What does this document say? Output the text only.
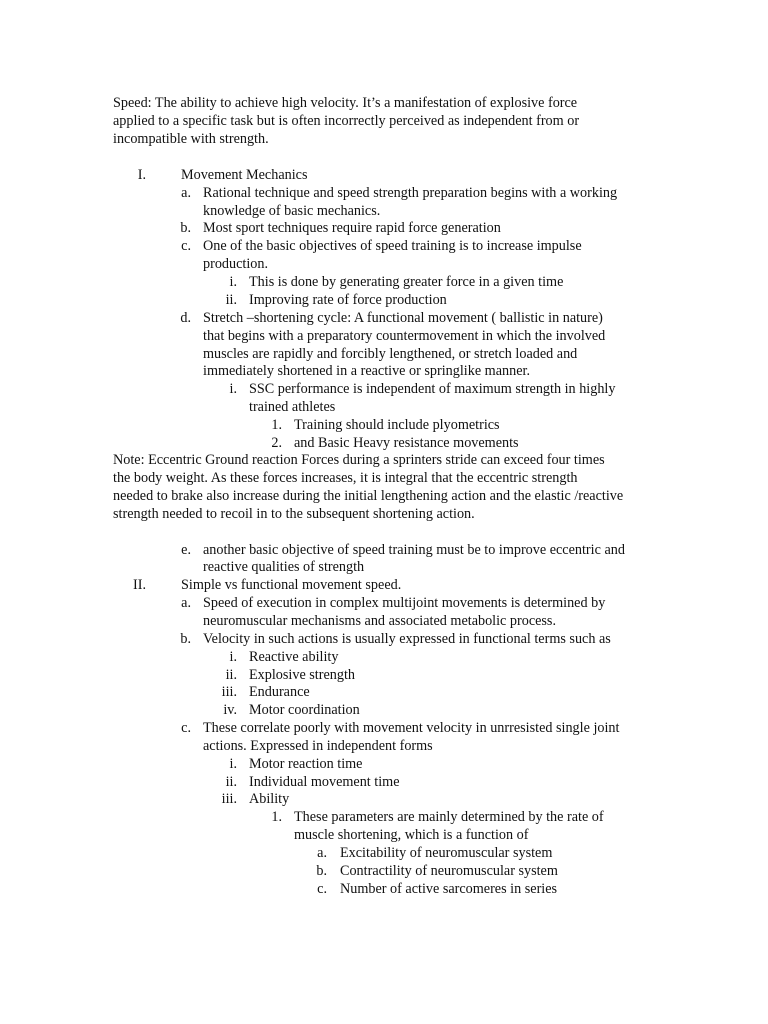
Speed: The ability to achieve high velocity. It’s a manifestation of explosive force
applied to a specific task but is often incorrectly perceived as independent from or
incompatible with strength.
I. Movement Mechanics
a. Rational technique and speed strength preparation begins with a working
knowledge of basic mechanics.
b. Most sport techniques require rapid force generation
c. One of the basic objectives of speed training is to increase impulse
production.
i. This is done by generating greater force in a given time
ii. Improving rate of force production
d. Stretch –shortening cycle: A functional movement ( ballistic in nature)
that begins with a preparatory countermovement in which the involved
muscles are rapidly and forcibly lengthened, or stretch loaded and
immediately shortened in a reactive or springlike manner.
i. SSC performance is independent of maximum strength in highly
trained athletes
1. Training should include plyometrics
2. and Basic Heavy resistance movements
Note: Eccentric Ground reaction Forces during a sprinters stride can exceed four times
the body weight. As these forces increases, it is integral that the eccentric strength
needed to brake also increase during the initial lengthening action and the elastic /reactive
strength needed to recoil in to the subsequent shortening action.
e. another basic objective of speed training must be to improve eccentric and
reactive qualities of strength
II. Simple vs functional movement speed.
a. Speed of execution in complex multijoint movements is determined by
neuromuscular mechanisms and associated metabolic process.
b. Velocity in such actions is usually expressed in functional terms such as
i. Reactive ability
ii. Explosive strength
iii. Endurance
iv. Motor coordination
c. These correlate poorly with movement velocity in unrresisted single joint
actions. Expressed in independent forms
i. Motor reaction time
ii. Individual movement time
iii. Ability
1. These parameters are mainly determined by the rate of
muscle shortening, which is a function of
a. Excitability of neuromuscular system
b. Contractility of neuromuscular system
c. Number of active sarcomeres in series
